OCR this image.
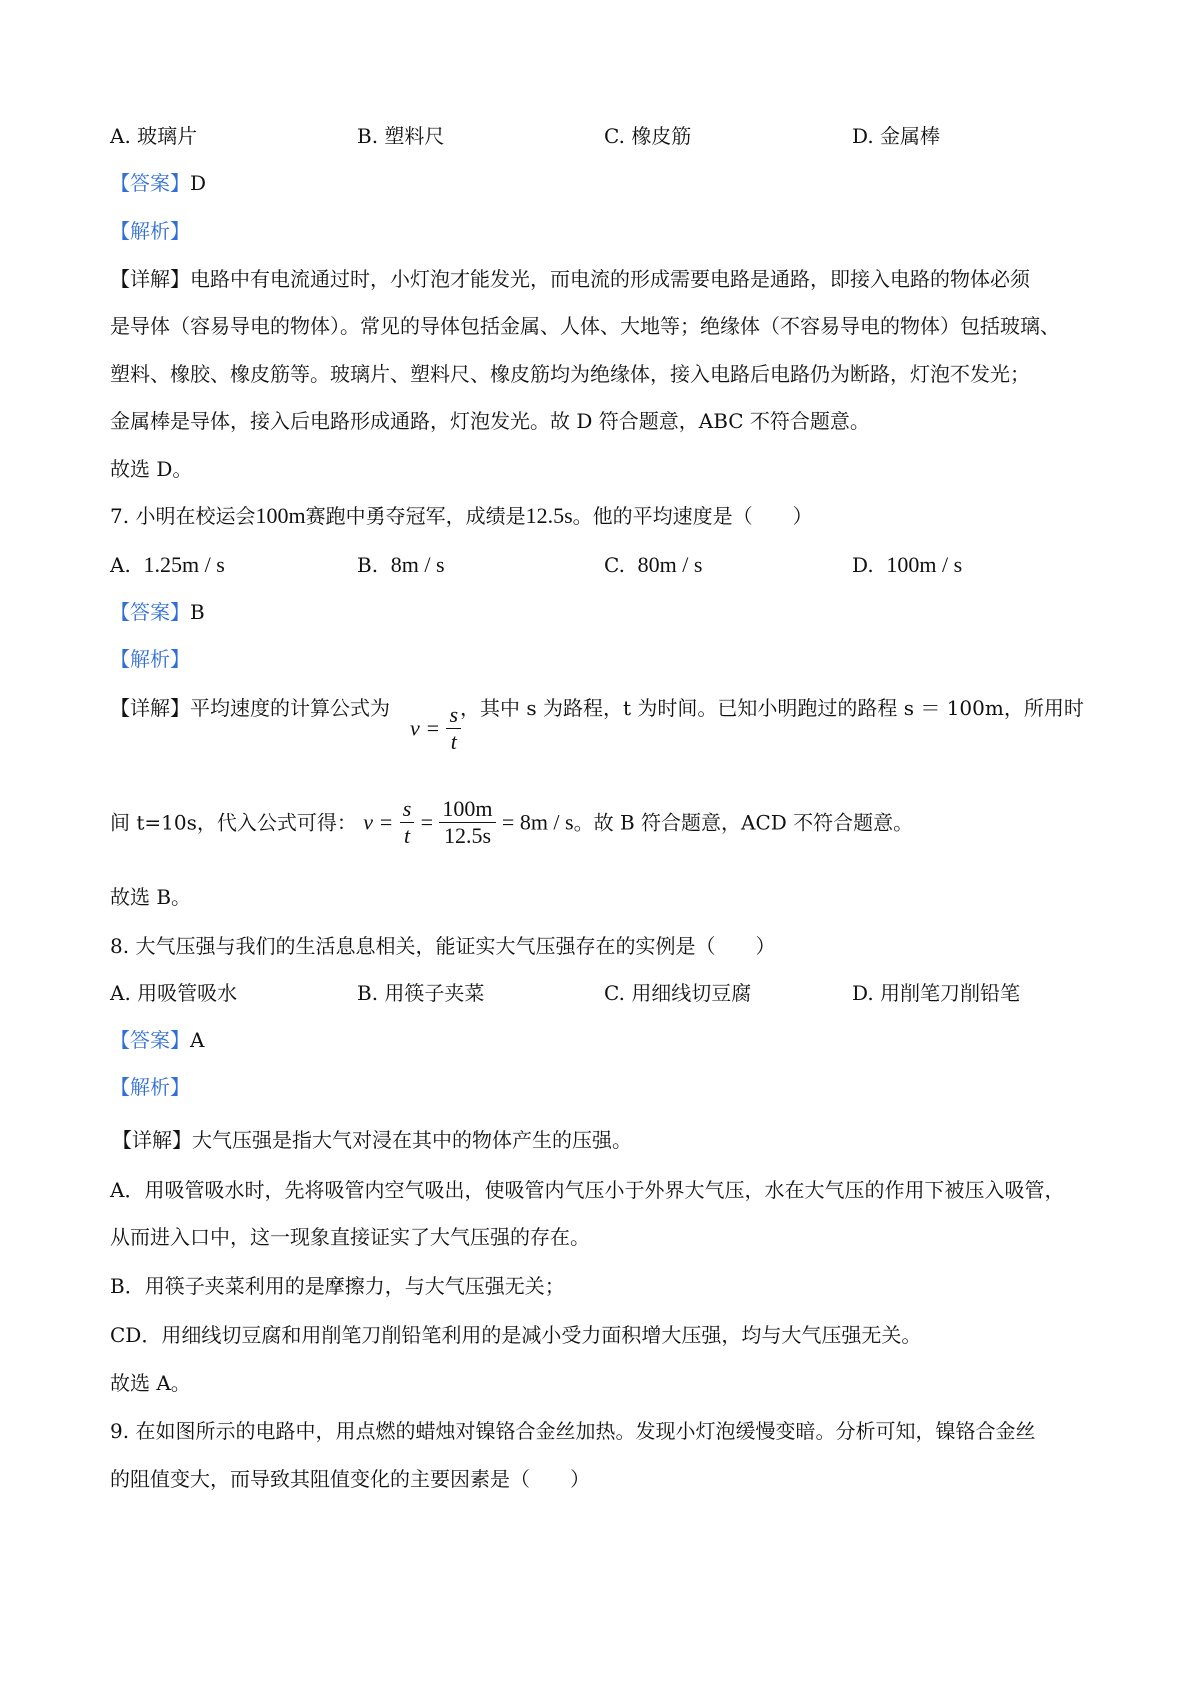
A. 玻璃片	B. 塑料尺	C. 橡皮筋	D. 金属棒
【答案】D
【解析】
【详解】电路中有电流通过时，小灯泡才能发光，而电流的形成需要电路是通路，即接入电路的物体必须
是导体（容易导电的物体）。常见的导体包括金属、人体、大地等；绝缘体（不容易导电的物体）包括玻璃、
塑料、橡胶、橡皮筋等。玻璃片、塑料尺、橡皮筋均为绝缘体，接入电路后电路仍为断路，灯泡不发光；
金属棒是导体，接入后电路形成通路，灯泡发光。故 D 符合题意，ABC 不符合题意。
故选 D。
7. 小明在校运会100m赛跑中勇夺冠军，成绩是12.5s。他的平均速度是（　　）
A. 1.25m / s	B. 8m / s	C. 80m / s	D. 100m / s
【答案】B
【解析】
【详解】平均速度的计算公式为	，其中 s 为路程，t 为时间。已知小明跑过的路程 s ＝ 100m，所用时
$v = \frac{s}{t}$
间 t=10s，代入公式可得： $v = \frac{s}{t} = \frac{100m}{12.5s} = 8m / s$。故 B 符合题意，ACD 不符合题意。
故选 B。
8. 大气压强与我们的生活息息相关，能证实大气压强存在的实例是（　　）
A. 用吸管吸水	B. 用筷子夹菜	C. 用细线切豆腐	D. 用削笔刀削铅笔
【答案】A
【解析】
【详解】大气压强是指大气对浸在其中的物体产生的压强。
A．用吸管吸水时，先将吸管内空气吸出，使吸管内气压小于外界大气压，水在大气压的作用下被压入吸管，
从而进入口中，这一现象直接证实了大气压强的存在。
B．用筷子夹菜利用的是摩擦力，与大气压强无关；
CD．用细线切豆腐和用削笔刀削铅笔利用的是减小受力面积增大压强，均与大气压强无关。
故选 A。
9. 在如图所示的电路中，用点燃的蜡烛对镍铬合金丝加热。发现小灯泡缓慢变暗。分析可知，镍铬合金丝
的阻值变大，而导致其阻值变化的主要因素是（　　）
